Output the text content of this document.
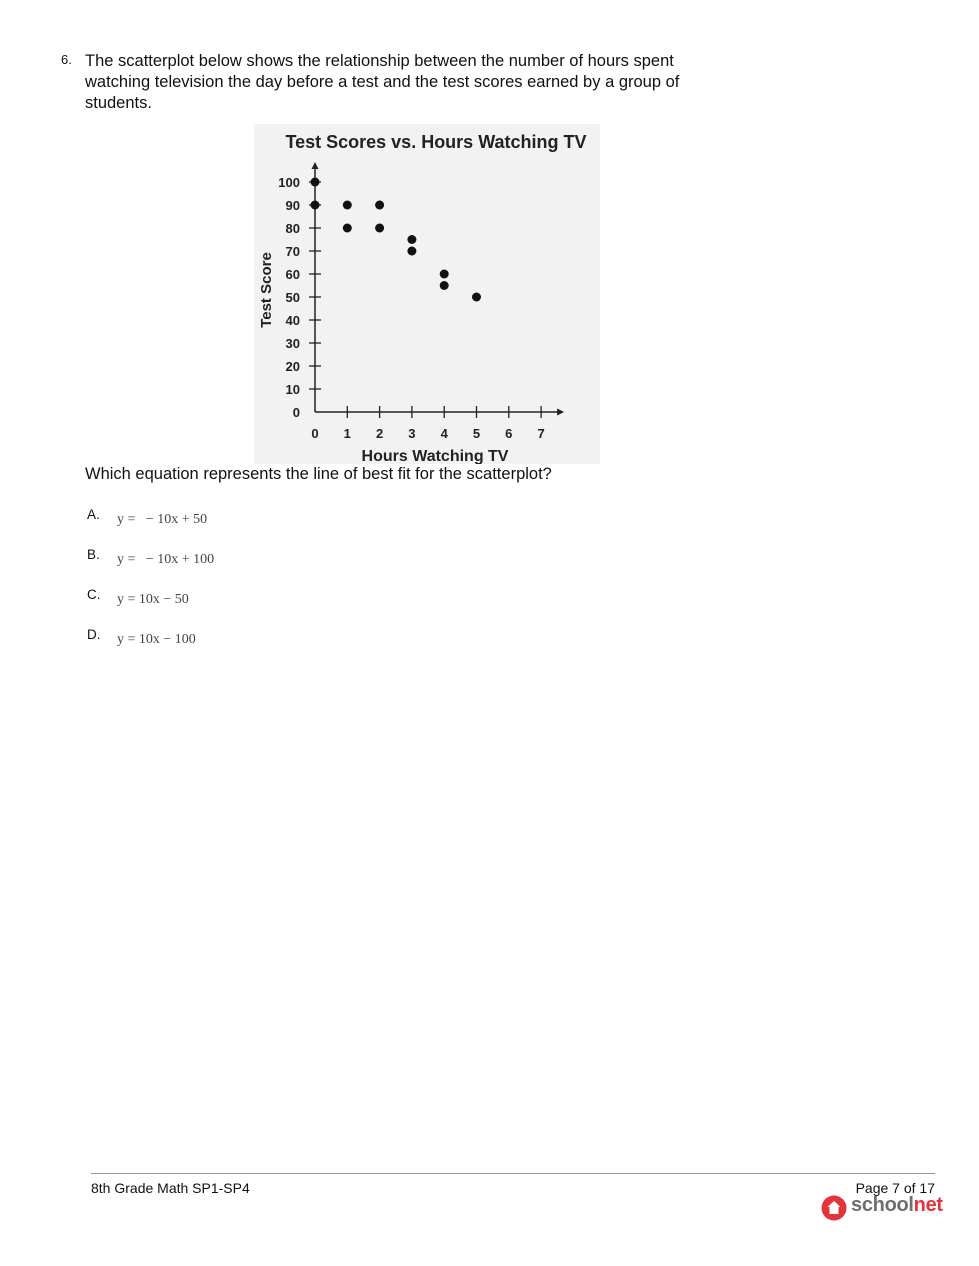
6. The scatterplot below shows the relationship between the number of hours spent watching television the day before a test and the test scores earned by a group of students.
Test Scores vs. Hours Watching TV
Hours Watching TV
Test Score
0
10
20
30
40
50
60
70
80
90
100
0 1 2 3 4 5 6 7
Which equation represents the line of best fit for the scatterplot?
A. y =   − 10x + 50
B. y =   − 10x + 100
C. y = 10x − 50
D. y = 10x − 100
8th Grade Math SP1-SP4	Page 7 of 17
schoolnet
